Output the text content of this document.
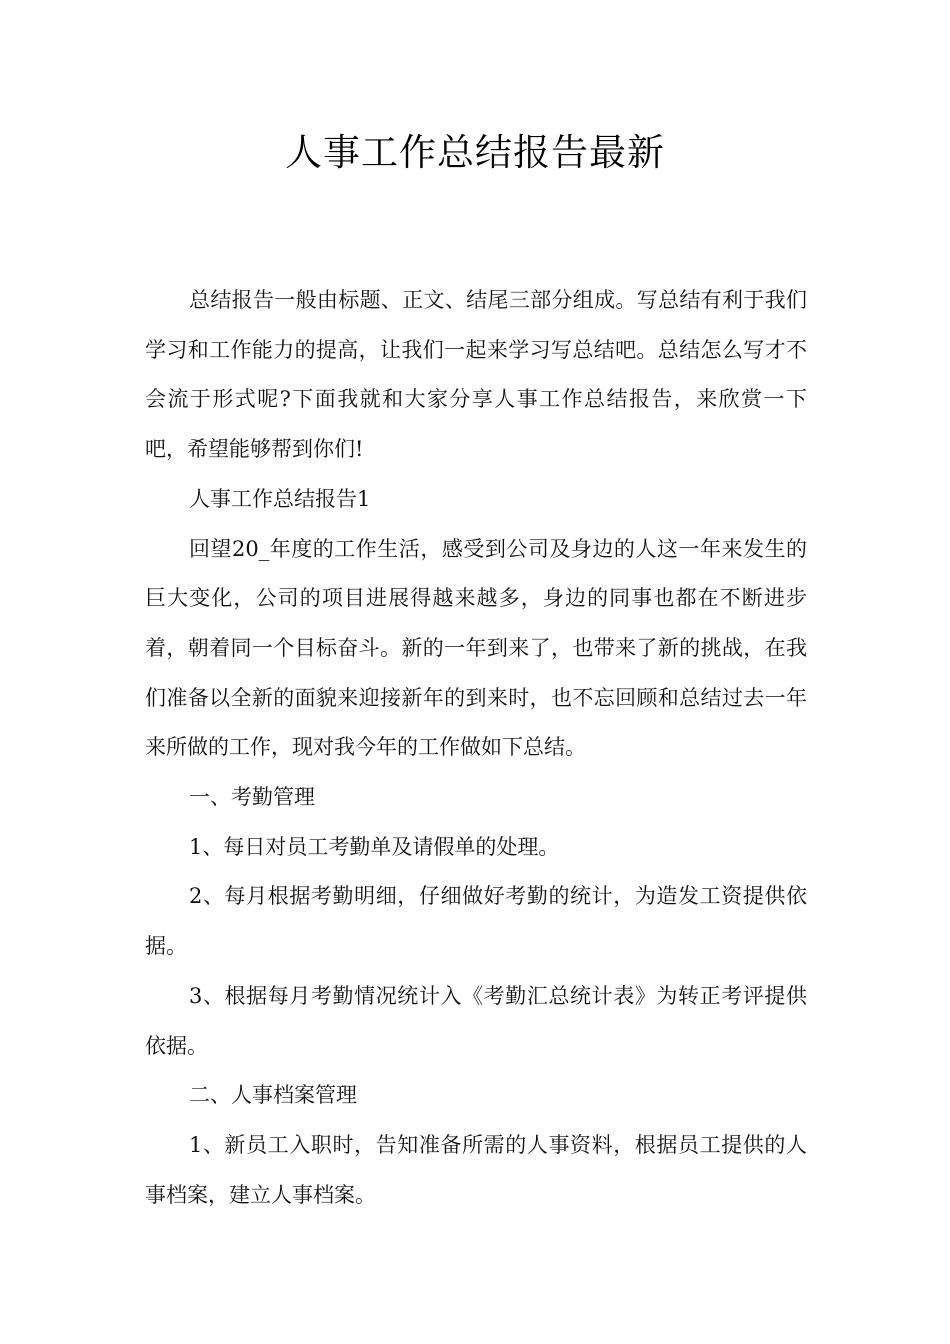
人事工作总结报告最新

总结报告一般由标题、正文、结尾三部分组成。写总结有利于我们学习和工作能力的提高，让我们一起来学习写总结吧。总结怎么写才不会流于形式呢?下面我就和大家分享人事工作总结报告，来欣赏一下吧，希望能够帮到你们!

人事工作总结报告1

回望20_年度的工作生活，感受到公司及身边的人这一年来发生的巨大变化，公司的项目进展得越来越多，身边的同事也都在不断进步着，朝着同一个目标奋斗。新的一年到来了，也带来了新的挑战，在我们准备以全新的面貌来迎接新年的到来时，也不忘回顾和总结过去一年来所做的工作，现对我今年的工作做如下总结。

一、考勤管理

1、每日对员工考勤单及请假单的处理。

2、每月根据考勤明细，仔细做好考勤的统计，为造发工资提供依据。

3、根据每月考勤情况统计入《考勤汇总统计表》为转正考评提供依据。

二、人事档案管理

1、新员工入职时，告知准备所需的人事资料，根据员工提供的人事档案，建立人事档案。
